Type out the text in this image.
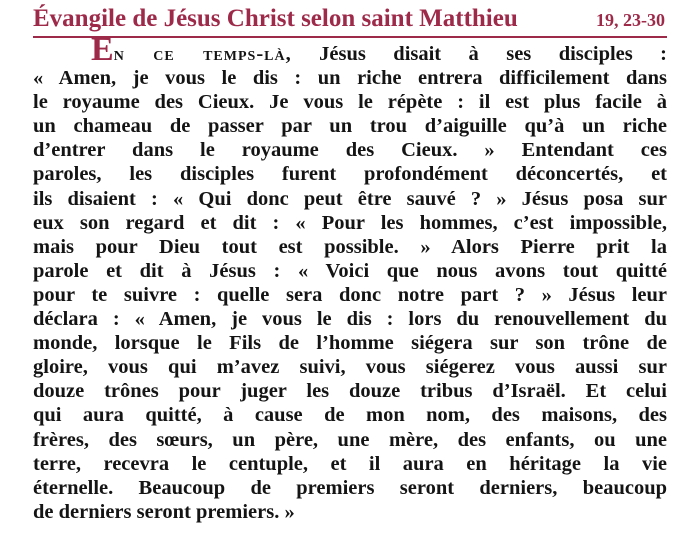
Évangile de Jésus Christ selon saint Matthieu	19, 23-30
En ce temps-là, Jésus disait à ses disciples :
« Amen, je vous le dis : un riche entrera difficilement dans
le royaume des Cieux. Je vous le répète : il est plus facile à
un chameau de passer par un trou d’aiguille qu’à un riche
d’entrer dans le royaume des Cieux. » Entendant ces
paroles, les disciples furent profondément déconcertés, et
ils disaient : « Qui donc peut être sauvé ? » Jésus posa sur
eux son regard et dit : « Pour les hommes, c’est impossible,
mais pour Dieu tout est possible. » Alors Pierre prit la
parole et dit à Jésus : « Voici que nous avons tout quitté
pour te suivre : quelle sera donc notre part ? » Jésus leur
déclara : « Amen, je vous le dis : lors du renouvellement du
monde, lorsque le Fils de l’homme siégera sur son trône de
gloire, vous qui m’avez suivi, vous siégerez vous aussi sur
douze trônes pour juger les douze tribus d’Israël. Et celui
qui aura quitté, à cause de mon nom, des maisons, des
frères, des sœurs, un père, une mère, des enfants, ou une
terre, recevra le centuple, et il aura en héritage la vie
éternelle. Beaucoup de premiers seront derniers, beaucoup
de derniers seront premiers. »
